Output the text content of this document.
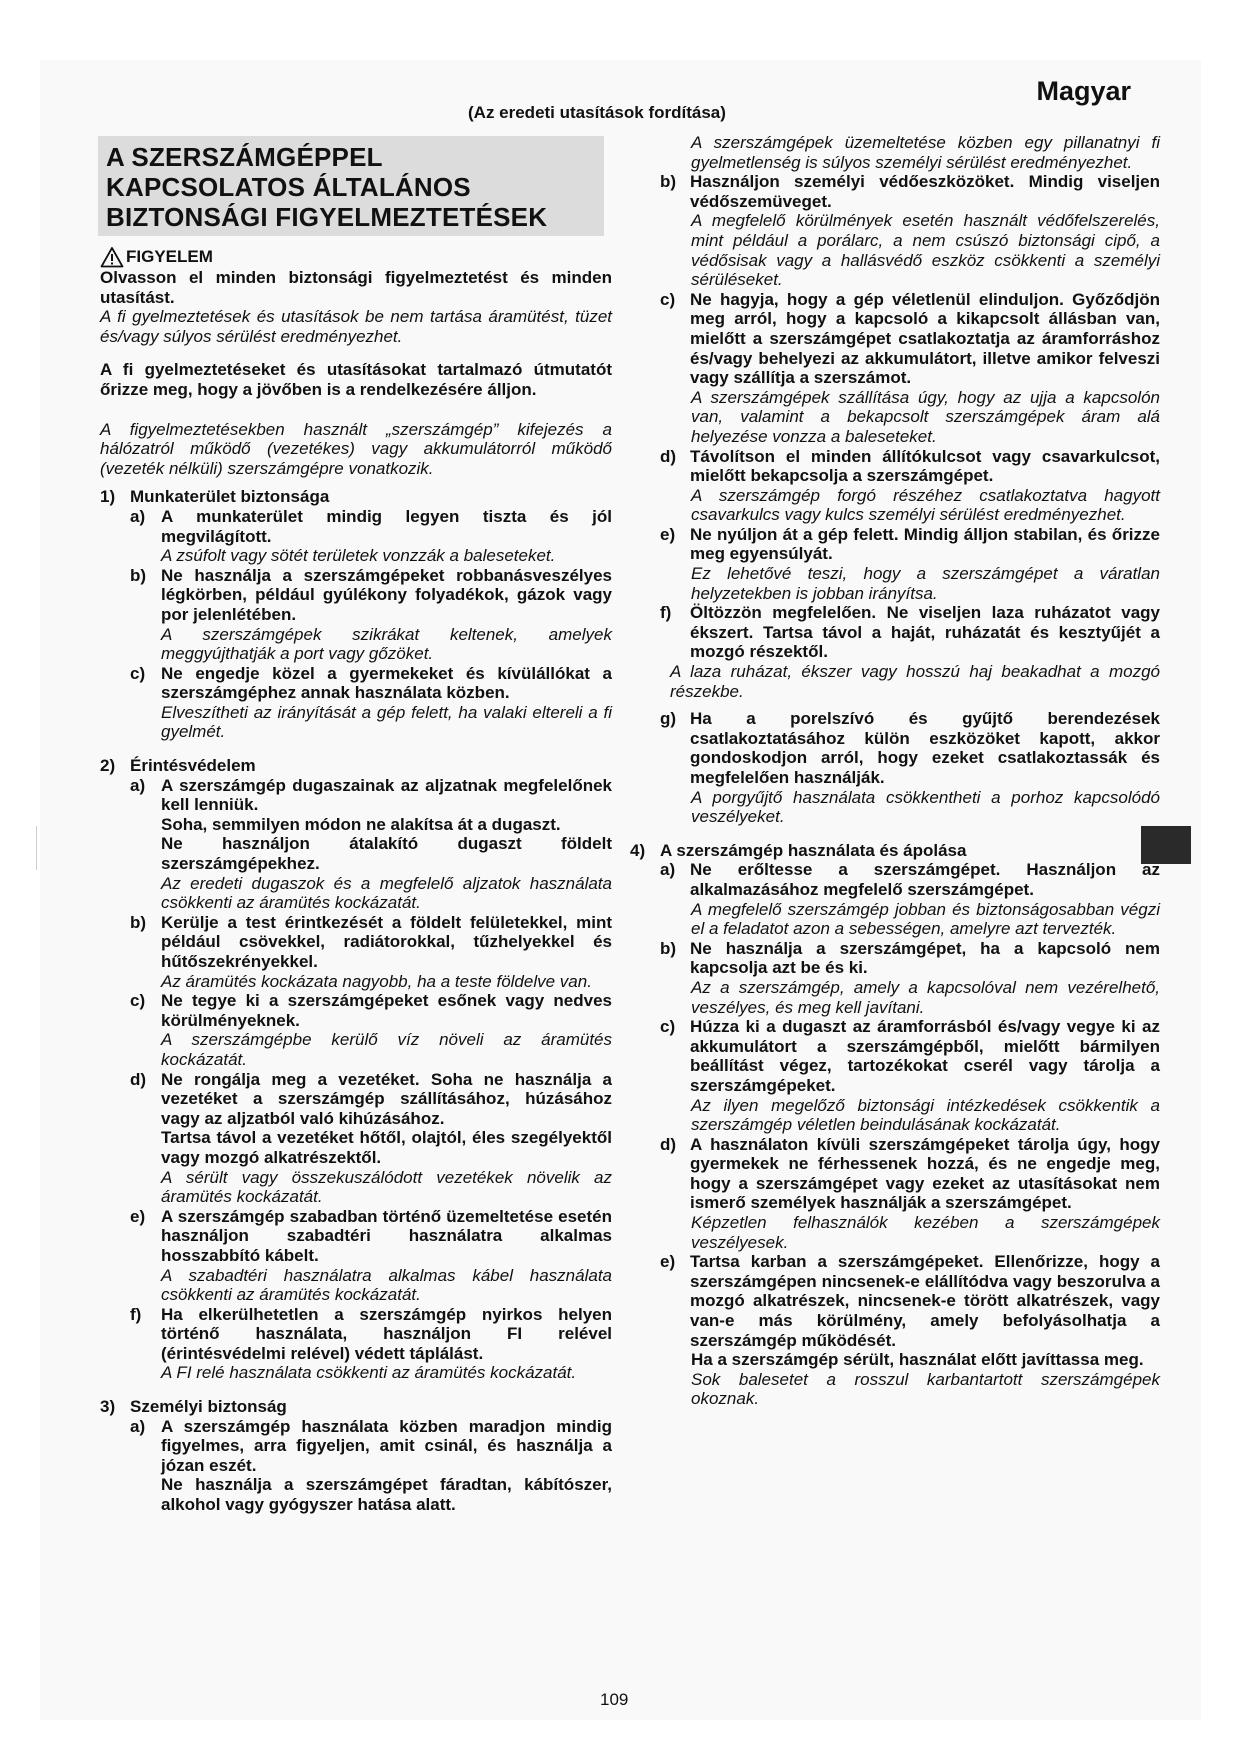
Magyar
(Az eredeti utasítások fordítása)
A SZERSZÁMGÉPPEL
KAPCSOLATOS ÁLTALÁNOS
BIZTONSÁGI FIGYELMEZTETÉSEK
FIGYELEM

Olvasson el minden biztonsági figyelmeztetést és minden utasítást.

A fi gyelmeztetések és utasítások be nem tartása áramütést, tüzet és/vagy súlyos sérülést eredményezhet.

A fi gyelmeztetéseket és utasításokat tartalmazó útmutatót őrizze meg, hogy a jövőben is a rendelkezésére álljon.

A figyelmeztetésekben használt „szerszámgép” kifejezés a hálózatról működő (vezetékes) vagy akkumulátorról működő (vezeték nélküli) szerszámgépre vonatkozik.

1) Munkaterület biztonsága
a) A munkaterület mindig legyen tiszta és jól megvilágított.

A zsúfolt vagy sötét területek vonzzák a baleseteket.

b) Ne használja a szerszámgépeket robbanásveszélyes légkörben, például gyúlékony folyadékok, gázok vagy por jelenlétében.

A szerszámgépek szikrákat keltenek, amelyek meggyújthatják a port vagy gőzöket.

c) Ne engedje közel a gyermekeket és kívülállókat a szerszámgéphez annak használata közben.

Elveszítheti az irányítását a gép felett, ha valaki eltereli a fi gyelmét.

2) Érintésvédelem
a) A szerszámgép dugaszainak az aljzatnak megfelelőnek kell lenniük.

Soha, semmilyen módon ne alakítsa át a dugaszt.

Ne használjon átalakító dugaszt földelt szerszámgépekhez.

Az eredeti dugaszok és a megfelelő aljzatok használata csökkenti az áramütés kockázatát.

b) Kerülje a test érintkezését a földelt felületekkel, mint például csövekkel, radiátorokkal, tűzhelyekkel és hűtőszekrényekkel.

Az áramütés kockázata nagyobb, ha a teste földelve van.

c) Ne tegye ki a szerszámgépeket esőnek vagy nedves körülményeknek.

A szerszámgépbe kerülő víz növeli az áramütés kockázatát.

d) Ne rongálja meg a vezetéket. Soha ne használja a vezetéket a szerszámgép szállításához, húzásához vagy az aljzatból való kihúzásához.

Tartsa távol a vezetéket hőtől, olajtól, éles szegélyektől vagy mozgó alkatrészektől.

A sérült vagy összekuszálódott vezetékek növelik az áramütés kockázatát.

e) A szerszámgép szabadban történő üzemeltetése esetén használjon szabadtéri használatra alkalmas hosszabbító kábelt.

A szabadtéri használatra alkalmas kábel használata csökkenti az áramütés kockázatát.

f)	Ha elkerülhetetlen a szerszámgép nyirkos helyen történő használata, használjon FI relével (érintésvédelmi relével) védett táplálást.

A FI relé használata csökkenti az áramütés kockázatát.

3) Személyi biztonság
a) A szerszámgép használata közben maradjon mindig figyelmes, arra figyeljen, amit csinál, és használja a józan eszét.

Ne használja a szerszámgépet fáradtan, kábítószer, alkohol vagy gyógyszer hatása alatt.

A szerszámgépek üzemeltetése közben egy pillanatnyi fi gyelmetlenség is súlyos személyi sérülést eredményezhet.

b) Használjon személyi védőeszközöket. Mindig viseljen védőszemüveget.

A megfelelő körülmények esetén használt védőfelszerelés, mint például a porálarc, a nem csúszó biztonsági cipő, a védősisak vagy a hallásvédő eszköz csökkenti a személyi sérüléseket.

c) Ne hagyja, hogy a gép véletlenül elinduljon. Győződjön meg arról, hogy a kapcsoló a kikapcsolt állásban van, mielőtt a szerszámgépet csatlakoztatja az áramforráshoz és/vagy behelyezi az akkumulátort, illetve amikor felveszi vagy szállítja a szerszámot.

A szerszámgépek szállítása úgy, hogy az ujja a kapcsolón van, valamint a bekapcsolt szerszámgépek áram alá helyezése vonzza a baleseteket.

d) Távolítson el minden állítókulcsot vagy csavarkulcsot, mielőtt bekapcsolja a szerszámgépet.

A szerszámgép forgó részéhez csatlakoztatva hagyott csavarkulcs vagy kulcs személyi sérülést eredményezhet.

e) Ne nyúljon át a gép felett. Mindig álljon stabilan, és őrizze meg egyensúlyát.

Ez lehetővé teszi, hogy a szerszámgépet a váratlan helyzetekben is jobban irányítsa.

f)	Öltözzön megfelelően. Ne viseljen laza ruházatot vagy ékszert. Tartsa távol a haját, ruházatát és kesztyűjét a mozgó részektől.

A laza ruházat, ékszer vagy hosszú haj beakadhat a mozgó részekbe.

g) Ha a porelszívó és gyűjtő berendezések csatlakoztatásához külön eszközöket kapott, akkor gondoskodjon arról, hogy ezeket csatlakoztassák és megfelelően használják.

A porgyűjtő használata csökkentheti a porhoz kapcsolódó veszélyeket.

4) A szerszámgép használata és ápolása
a) Ne erőltesse a szerszámgépet. Használjon az alkalmazásához megfelelő szerszámgépet.

A megfelelő szerszámgép jobban és biztonságosabban végzi el a feladatot azon a sebességen, amelyre azt tervezték.

b) Ne használja a szerszámgépet, ha a kapcsoló nem kapcsolja azt be és ki.

Az a szerszámgép, amely a kapcsolóval nem vezérelhető, veszélyes, és meg kell javítani.

c) Húzza ki a dugaszt az áramforrásból és/vagy vegye ki az akkumulátort a szerszámgépből, mielőtt bármilyen beállítást végez, tartozékokat cserél vagy tárolja a szerszámgépeket.

Az ilyen megelőző biztonsági intézkedések csökkentik a szerszámgép véletlen beindulásának kockázatát.

d) A használaton kívüli szerszámgépeket tárolja úgy, hogy gyermekek ne férhessenek hozzá, és ne engedje meg, hogy a szerszámgépet vagy ezeket az utasításokat nem ismerő személyek használják a szerszámgépet.

Képzetlen felhasználók kezében a szerszámgépek veszélyesek.

e) Tartsa karban a szerszámgépeket. Ellenőrizze, hogy a szerszámgépen nincsenek-e elállítódva vagy beszorulva a mozgó alkatrészek, nincsenek-e törött alkatrészek, vagy van-e más körülmény, amely befolyásolhatja a szerszámgép működését.

Ha a szerszámgép sérült, használat előtt javíttassa meg.

Sok balesetet a rosszul karbantartott szerszámgépek okoznak.

109
